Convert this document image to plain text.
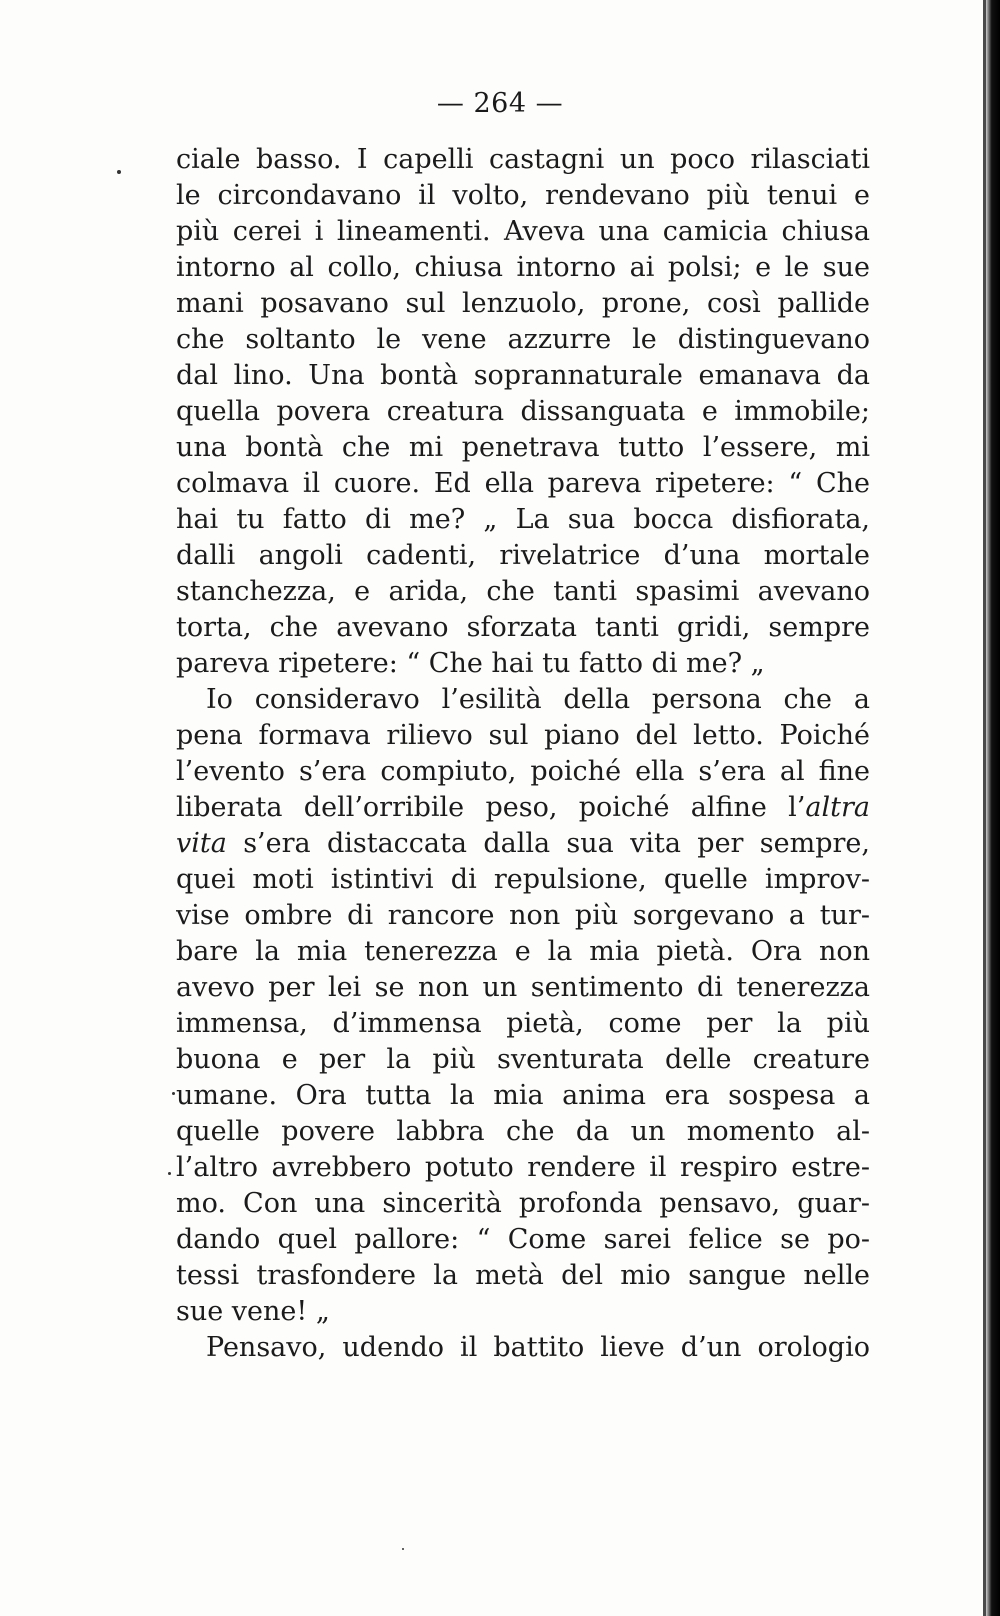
— 264 —
ciale basso. I capelli castagni un poco rilasciati
le circondavano il volto, rendevano più tenui e
più cerei i lineamenti. Aveva una camicia chiusa
intorno al collo, chiusa intorno ai polsi; e le sue
mani posavano sul lenzuolo, prone, così pallide
che soltanto le vene azzurre le distinguevano
dal lino. Una bontà soprannaturale emanava da
quella povera creatura dissanguata e immobile;
una bontà che mi penetrava tutto l’essere, mi
colmava il cuore. Ed ella pareva ripetere: “ Che
hai tu fatto di me? „ La sua bocca disfiorata,
dalli angoli cadenti, rivelatrice d’una mortale
stanchezza, e arida, che tanti spasimi avevano
torta, che avevano sforzata tanti gridi, sempre
pareva ripetere: “ Che hai tu fatto di me? „
Io consideravo l’esilità della persona che a
pena formava rilievo sul piano del letto. Poiché
l’evento s’era compiuto, poiché ella s’era al fine
liberata dell’orribile peso, poiché alfine l’altra
vita s’era distaccata dalla sua vita per sempre,
quei moti istintivi di repulsione, quelle improv-
vise ombre di rancore non più sorgevano a tur-
bare la mia tenerezza e la mia pietà. Ora non
avevo per lei se non un sentimento di tenerezza
immensa, d’immensa pietà, come per la più
buona e per la più sventurata delle creature
umane. Ora tutta la mia anima era sospesa a
quelle povere labbra che da un momento al-
l’altro avrebbero potuto rendere il respiro estre-
mo. Con una sincerità profonda pensavo, guar-
dando quel pallore: “ Come sarei felice se po-
tessi trasfondere la metà del mio sangue nelle
sue vene! „
Pensavo, udendo il battito lieve d’un orologio
